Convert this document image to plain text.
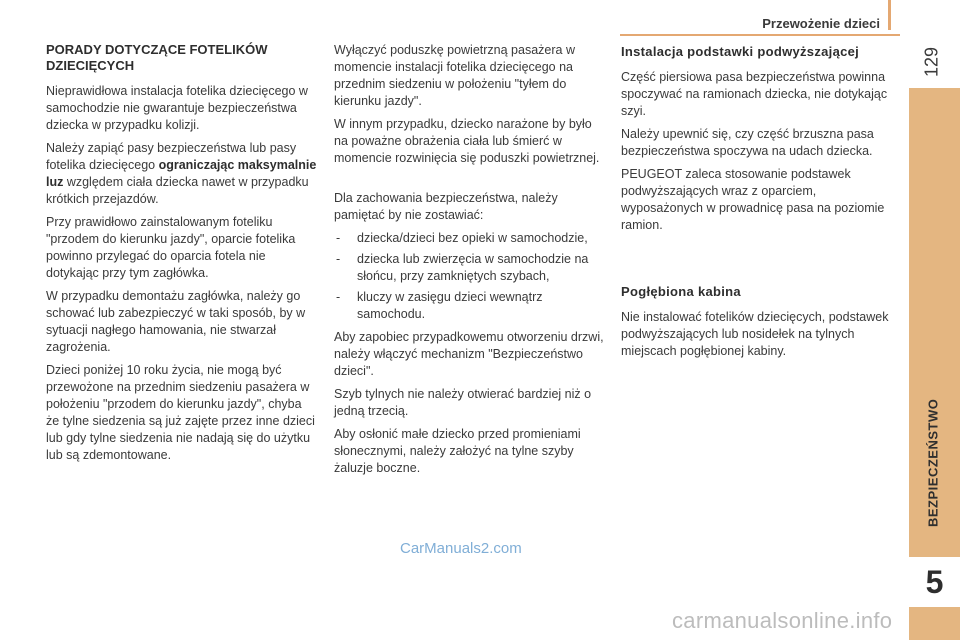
Przewożenie dzieci
129
BEZPIECZEŃSTWO
5
PORADY DOTYCZĄCE FOTELIKÓW DZIECIĘCYCH

Nieprawidłowa instalacja fotelika dziecięcego w samochodzie nie gwarantuje bezpieczeństwa dziecka w przypadku kolizji.

Należy zapiąć pasy bezpieczeństwa lub pasy fotelika dziecięcego ograniczając maksymalnie luz względem ciała dziecka nawet w przypadku krótkich przejazdów.

Przy prawidłowo zainstalowanym foteliku "przodem do kierunku jazdy", oparcie fotelika powinno przylegać do oparcia fotela nie dotykając przy tym zagłówka.

W przypadku demontażu zagłówka, należy go schować lub zabezpieczyć w taki sposób, by w sytuacji nagłego hamowania, nie stwarzał zagrożenia.

Dzieci poniżej 10 roku życia, nie mogą być przewożone na przednim siedzeniu pasażera w położeniu "przodem do kierunku jazdy", chyba że tylne siedzenia są już zajęte przez inne dzieci lub gdy tylne siedzenia nie nadają się do użytku lub są zdemontowane.

Wyłączyć poduszkę powietrzną pasażera w momencie instalacji fotelika dziecięcego na przednim siedzeniu w położeniu "tyłem do kierunku jazdy".

W innym przypadku, dziecko narażone by było na poważne obrażenia ciała lub śmierć w momencie rozwinięcia się poduszki powietrznej.

Dla zachowania bezpieczeństwa, należy pamiętać by nie zostawiać:

- dziecka/dzieci bez opieki w samochodzie,
- dziecka lub zwierzęcia w samochodzie na słońcu, przy zamkniętych szybach,
- kluczy w zasięgu dzieci wewnątrz samochodu.

Aby zapobiec przypadkowemu otworzeniu drzwi, należy włączyć mechanizm "Bezpieczeństwo dzieci".

Szyb tylnych nie należy otwierać bardziej niż o jedną trzecią.

Aby osłonić małe dziecko przed promieniami słonecznymi, należy założyć na tylne szyby żaluzje boczne.

Instalacja podstawki podwyższającej

Część piersiowa pasa bezpieczeństwa powinna spoczywać na ramionach dziecka, nie dotykając szyi.

Należy upewnić się, czy część brzuszna pasa bezpieczeństwa spoczywa na udach dziecka.

PEUGEOT zaleca stosowanie podstawek podwyższających wraz z oparciem, wyposażonych w prowadnicę pasa na poziomie ramion.

Pogłębiona kabina

Nie instalować fotelików dziecięcych, podstawek podwyższających lub nosidełek na tylnych miejscach pogłębionej kabiny.

CarManuals2.com
carmanualsonline.info
